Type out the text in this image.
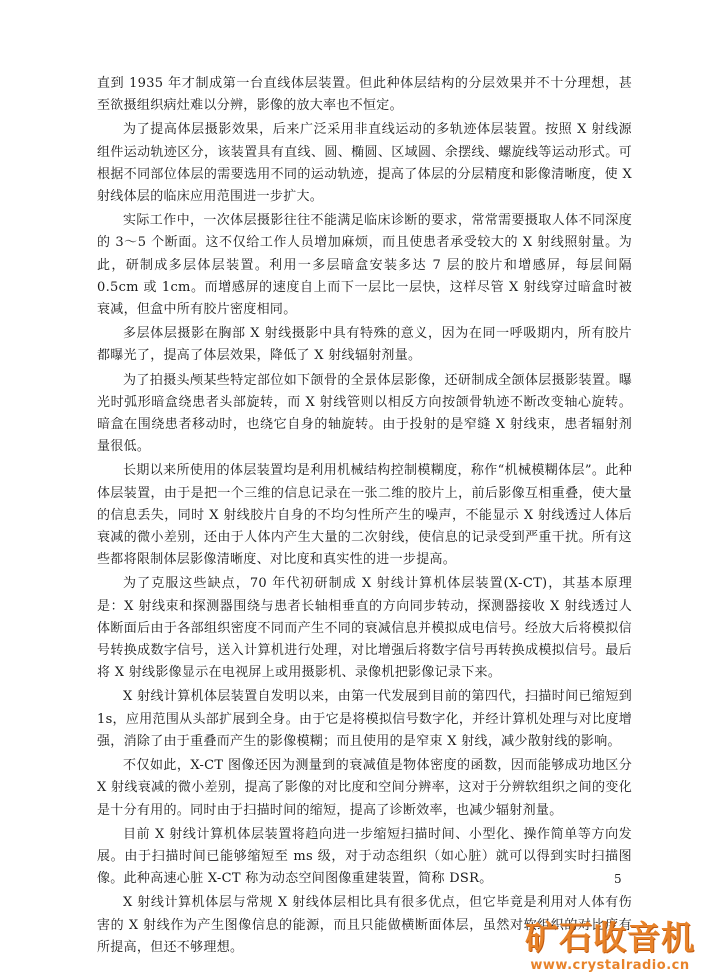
直到 1935 年才制成第一台直线体层装置。但此种体层结构的分层效果并不十分理想，甚至欲摄组织病灶难以分辨，影像的放大率也不恒定。

为了提高体层摄影效果，后来广泛采用非直线运动的多轨迹体层装置。按照 X 射线源组件运动轨迹区分，该装置具有直线、圆、椭圆、区域圆、余摆线、螺旋线等运动形式。可根据不同部位体层的需要选用不同的运动轨迹，提高了体层的分层精度和影像清晰度，使 X 射线体层的临床应用范围进一步扩大。

实际工作中，一次体层摄影往往不能满足临床诊断的要求，常常需要摄取人体不同深度的 3～5 个断面。这不仅给工作人员增加麻烦，而且使患者承受较大的 X 射线照射量。为此，研制成多层体层装置。利用一多层暗盒安装多达 7 层的胶片和增感屏，每层间隔 0.5cm 或 1cm。而增感屏的速度自上而下一层比一层快，这样尽管 X 射线穿过暗盒时被衰减，但盒中所有胶片密度相同。

多层体层摄影在胸部 X 射线摄影中具有特殊的意义，因为在同一呼吸期内，所有胶片都曝光了，提高了体层效果，降低了 X 射线辐射剂量。

为了拍摄头颅某些特定部位如下颌骨的全景体层影像，还研制成全颌体层摄影装置。曝光时弧形暗盒绕患者头部旋转，而 X 射线管则以相反方向按颌骨轨迹不断改变轴心旋转。暗盒在围绕患者移动时，也绕它自身的轴旋转。由于投射的是窄缝 X 射线束，患者辐射剂量很低。

长期以来所使用的体层装置均是利用机械结构控制模糊度，称作“机械模糊体层”。此种体层装置，由于是把一个三维的信息记录在一张二维的胶片上，前后影像互相重叠，使大量的信息丢失，同时 X 射线胶片自身的不均匀性所产生的噪声，不能显示 X 射线透过人体后衰减的微小差别，还由于人体内产生大量的二次射线，使信息的记录受到严重干扰。所有这些都将限制体层影像清晰度、对比度和真实性的进一步提高。

为了克服这些缺点，70 年代初研制成 X 射线计算机体层装置(X-CT)，其基本原理是：X 射线束和探测器围绕与患者长轴相垂直的方向同步转动，探测器接收 X 射线透过人体断面后由于各部组织密度不同而产生不同的衰减信息并模拟成电信号。经放大后将模拟信号转换成数字信号，送入计算机进行处理，对比增强后将数字信号再转换成模拟信号。最后将 X 射线影像显示在电视屏上或用摄影机、录像机把影像记录下来。

X 射线计算机体层装置自发明以来，由第一代发展到目前的第四代，扫描时间已缩短到 1s，应用范围从头部扩展到全身。由于它是将模拟信号数字化，并经计算机处理与对比度增强，消除了由于重叠而产生的影像模糊；而且使用的是窄束 X 射线，减少散射线的影响。

不仅如此，X-CT 图像还因为测量到的衰减值是物体密度的函数，因而能够成功地区分 X 射线衰减的微小差别，提高了影像的对比度和空间分辨率，这对于分辨软组织之间的变化是十分有用的。同时由于扫描时间的缩短，提高了诊断效率，也减少辐射剂量。

目前 X 射线计算机体层装置将趋向进一步缩短扫描时间、小型化、操作简单等方向发展。由于扫描时间已能够缩短至 ms 级，对于动态组织（如心脏）就可以得到实时扫描图像。此种高速心脏 X-CT 称为动态空间图像重建装置，简称 DSR。

X 射线计算机体层与常规 X 射线体层相比具有很多优点，但它毕竟是利用对人体有伤害的 X 射线作为产生图像信息的能源，而且只能做横断面体层，虽然对软组织的对比度有所提高，但还不够理想。

5
矿石收音机
www.crystalradio.cn
